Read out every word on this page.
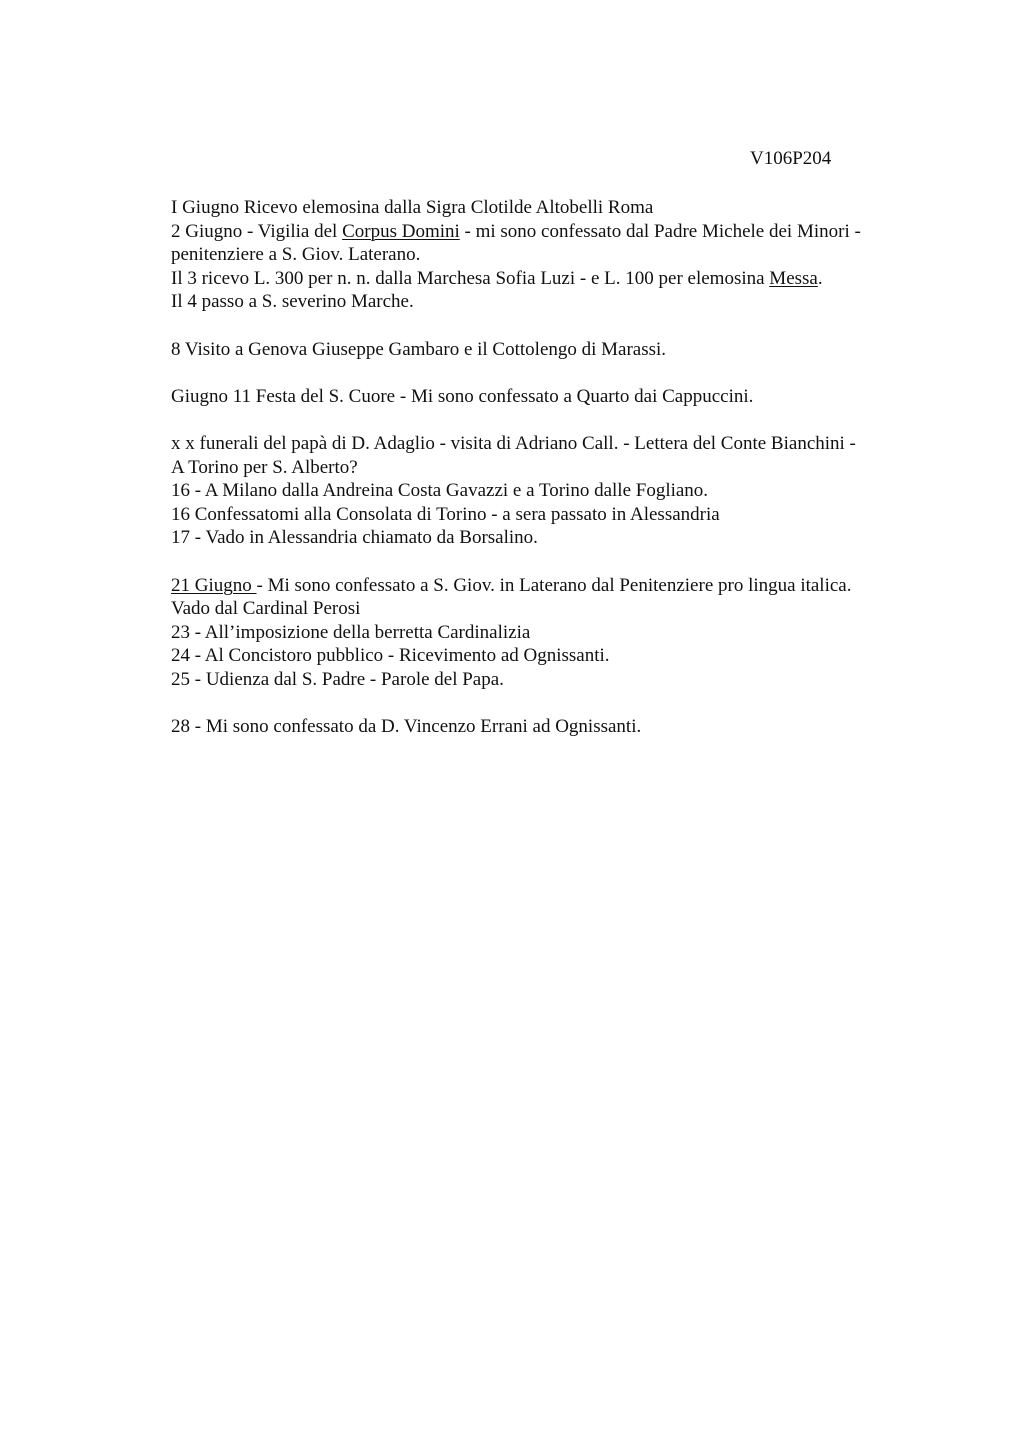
V106P204
I Giugno Ricevo elemosina dalla Sigra Clotilde Altobelli Roma
2 Giugno - Vigilia del Corpus Domini - mi sono confessato dal Padre Michele dei Minori -
penitenziere a S. Giov. Laterano.
Il 3 ricevo L. 300 per n. n. dalla Marchesa Sofia Luzi - e L. 100 per elemosina Messa.
Il 4 passo a S. severino Marche.
8 Visito a Genova Giuseppe Gambaro e il Cottolengo di Marassi.
Giugno 11 Festa del S. Cuore - Mi sono confessato a Quarto dai Cappuccini.
x x funerali del papà di D. Adaglio - visita di Adriano Call. - Lettera del Conte Bianchini -
A Torino per S. Alberto?
16 - A Milano dalla Andreina Costa Gavazzi e a Torino dalle Fogliano.
16 Confessatomi alla Consolata di Torino - a sera passato in Alessandria
17 - Vado in Alessandria chiamato da Borsalino.
21 Giugno - Mi sono confessato a S. Giov. in Laterano dal Penitenziere pro lingua italica.
Vado dal Cardinal Perosi
23 - All’imposizione della berretta Cardinalizia
24 - Al Concistoro pubblico - Ricevimento ad Ognissanti.
25 - Udienza dal S. Padre - Parole del Papa.
28 - Mi sono confessato da D. Vincenzo Errani ad Ognissanti.
